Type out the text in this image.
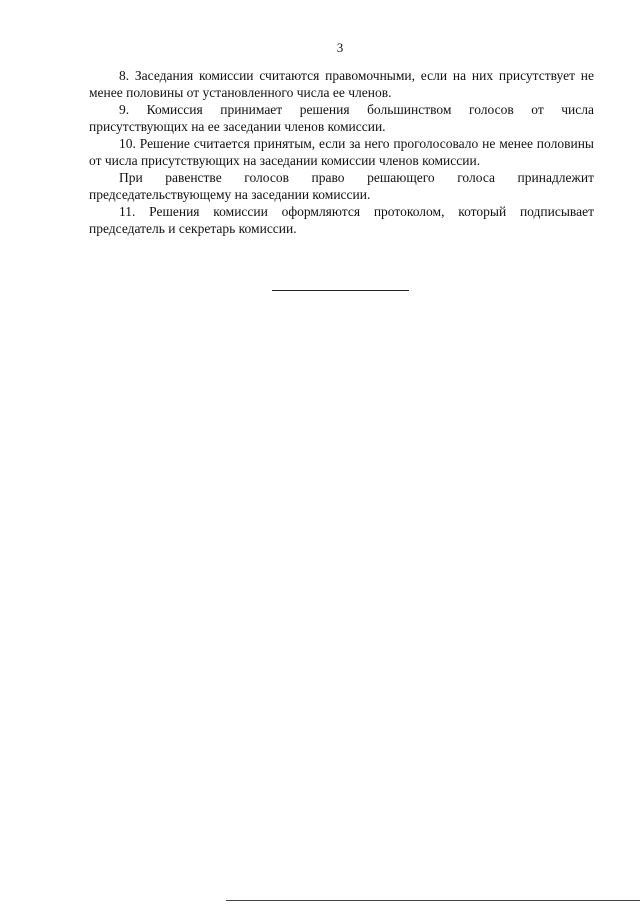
3

8. Заседания комиссии считаются правомочными, если на них присутствует не менее половины от установленного числа ее членов.

9. Комиссия принимает решения большинством голосов от числа присутствующих на ее заседании членов комиссии.

10. Решение считается принятым, если за него проголосовало не менее половины от числа присутствующих на заседании комиссии членов комиссии.

При равенстве голосов право решающего голоса принадлежит председательствующему на заседании комиссии.

11. Решения комиссии оформляются протоколом, который подписывает председатель и секретарь комиссии.
